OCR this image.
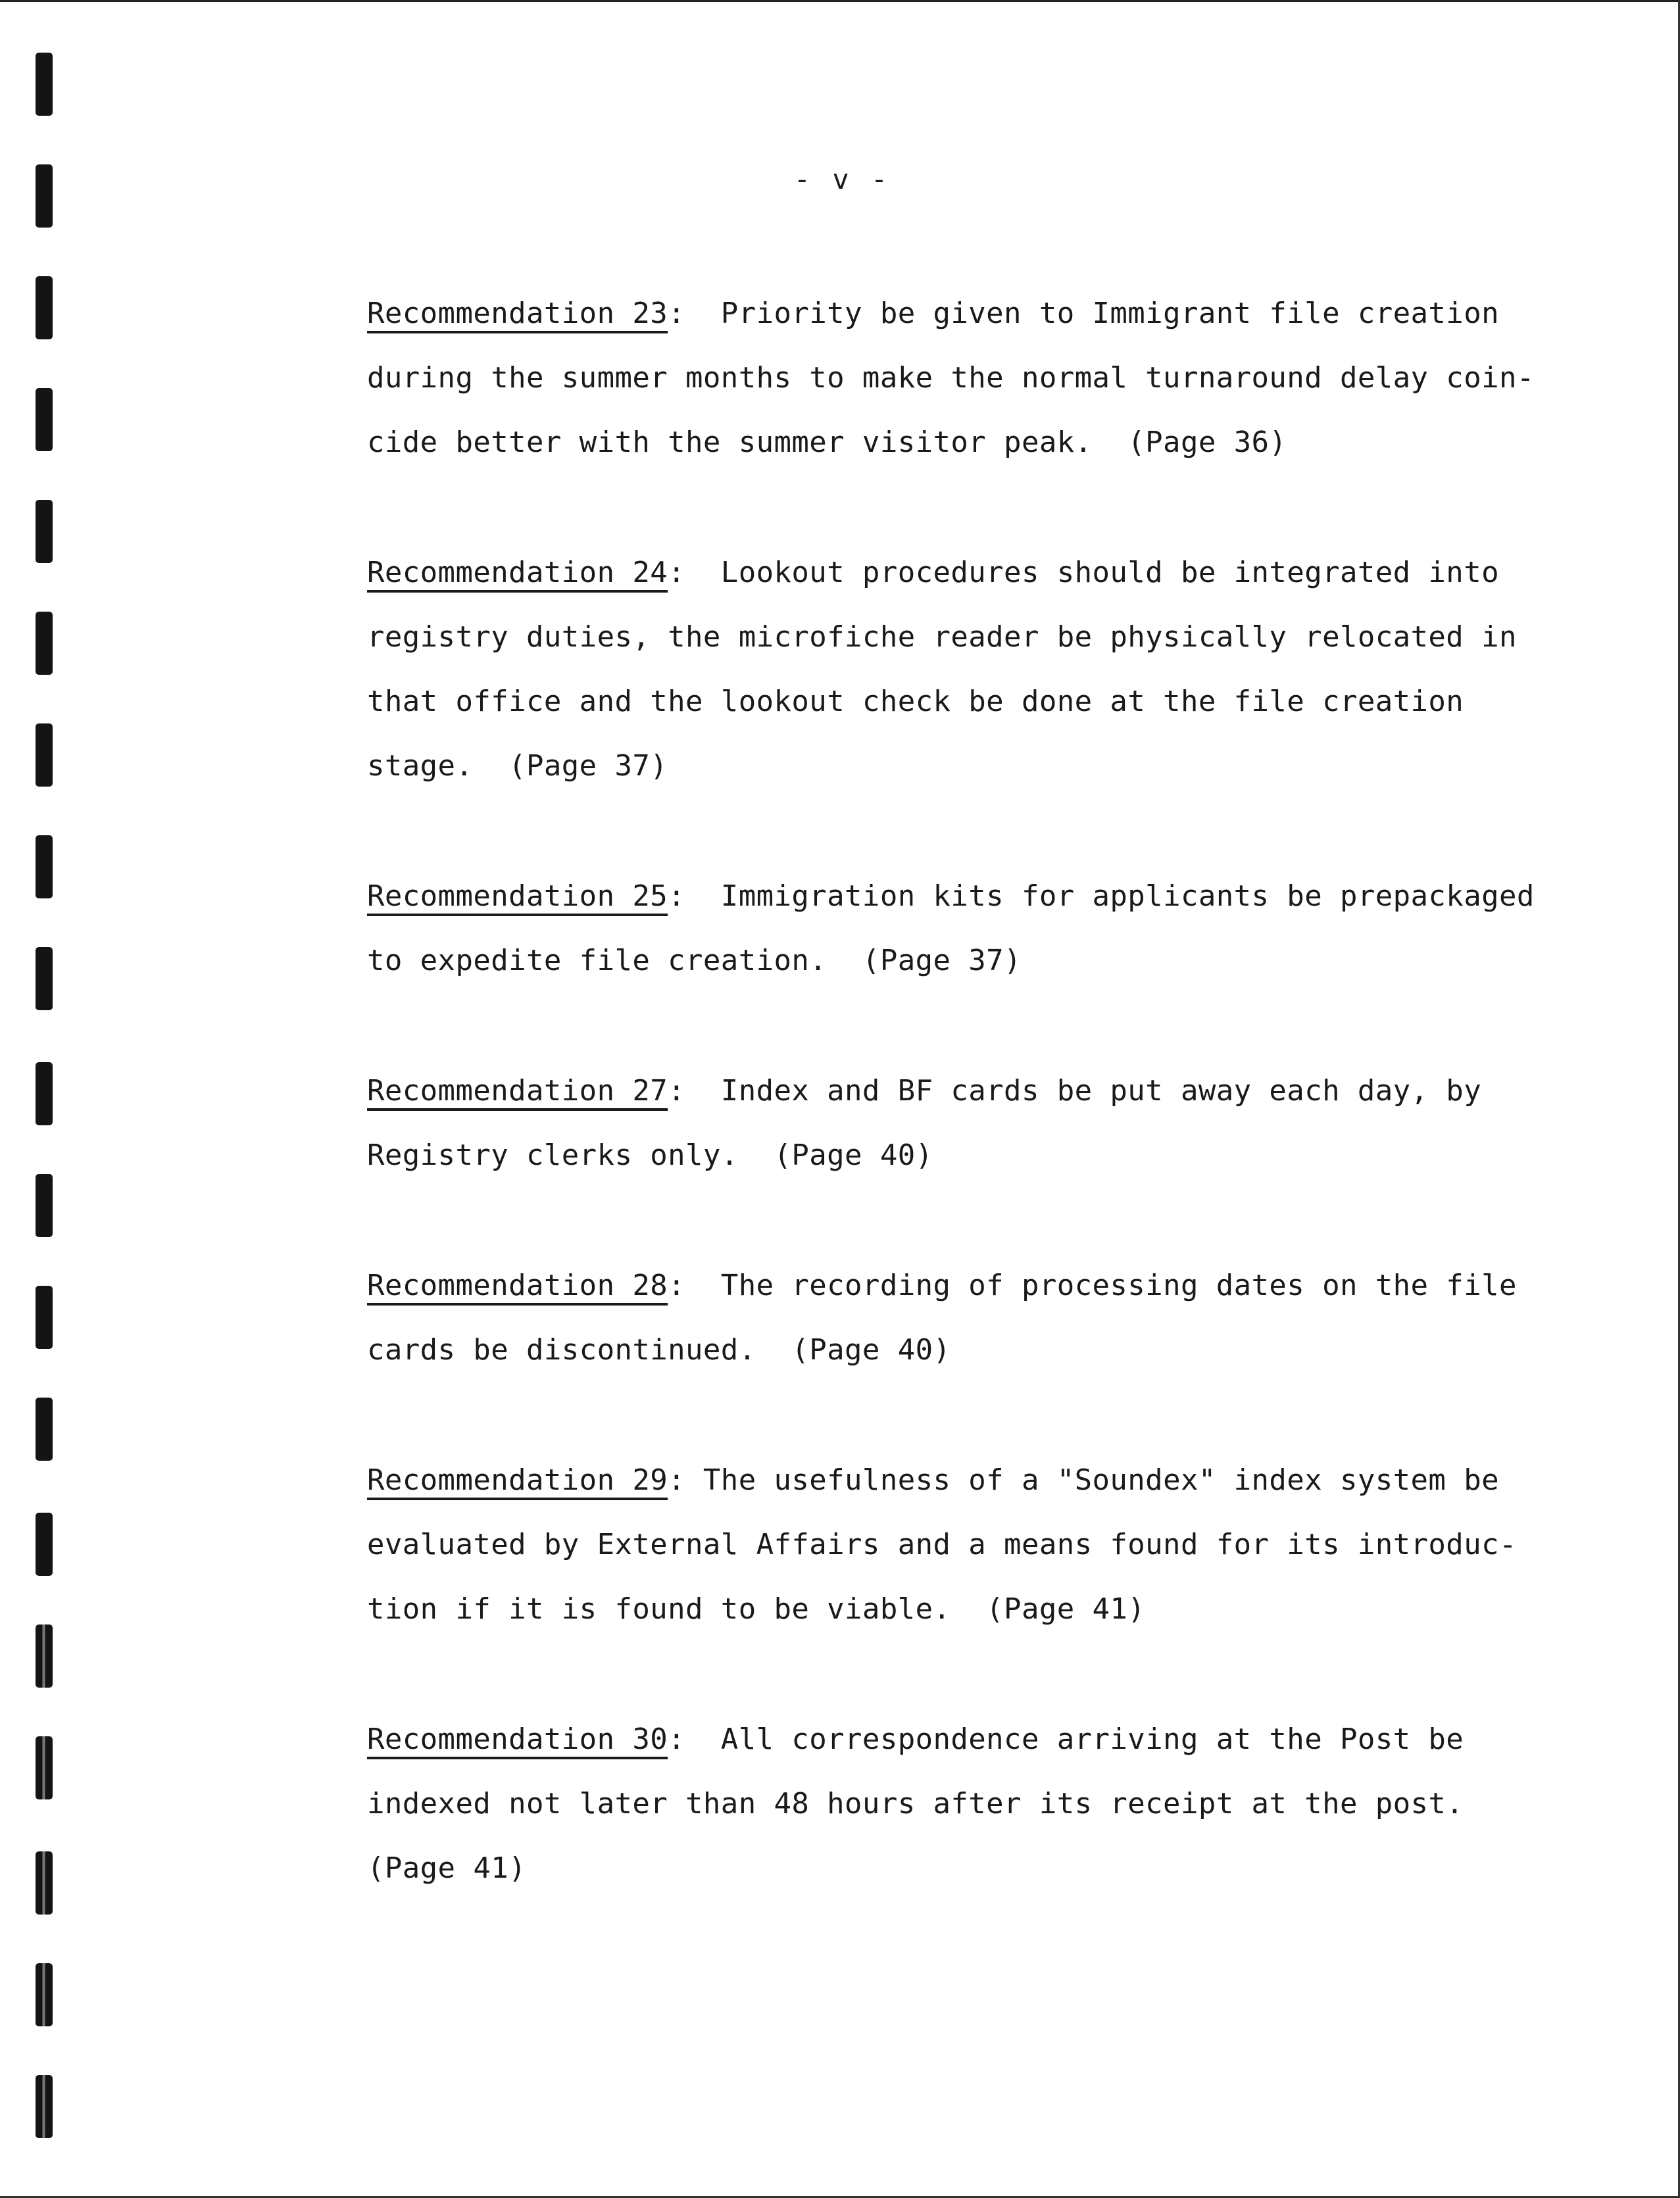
- v -
Recommendation 23:  Priority be given to Immigrant file creation
during the summer months to make the normal turnaround delay coin-
cide better with the summer visitor peak.  (Page 36)
Recommendation 24:  Lookout procedures should be integrated into
registry duties, the microfiche reader be physically relocated in
that office and the lookout check be done at the file creation
stage.  (Page 37)
Recommendation 25:  Immigration kits for applicants be prepackaged
to expedite file creation.  (Page 37)
Recommendation 27:  Index and BF cards be put away each day, by
Registry clerks only.  (Page 40)
Recommendation 28:  The recording of processing dates on the file
cards be discontinued.  (Page 40)
Recommendation 29: The usefulness of a "Soundex" index system be
evaluated by External Affairs and a means found for its introduc-
tion if it is found to be viable.  (Page 41)
Recommendation 30:  All correspondence arriving at the Post be
indexed not later than 48 hours after its receipt at the post.
(Page 41)
